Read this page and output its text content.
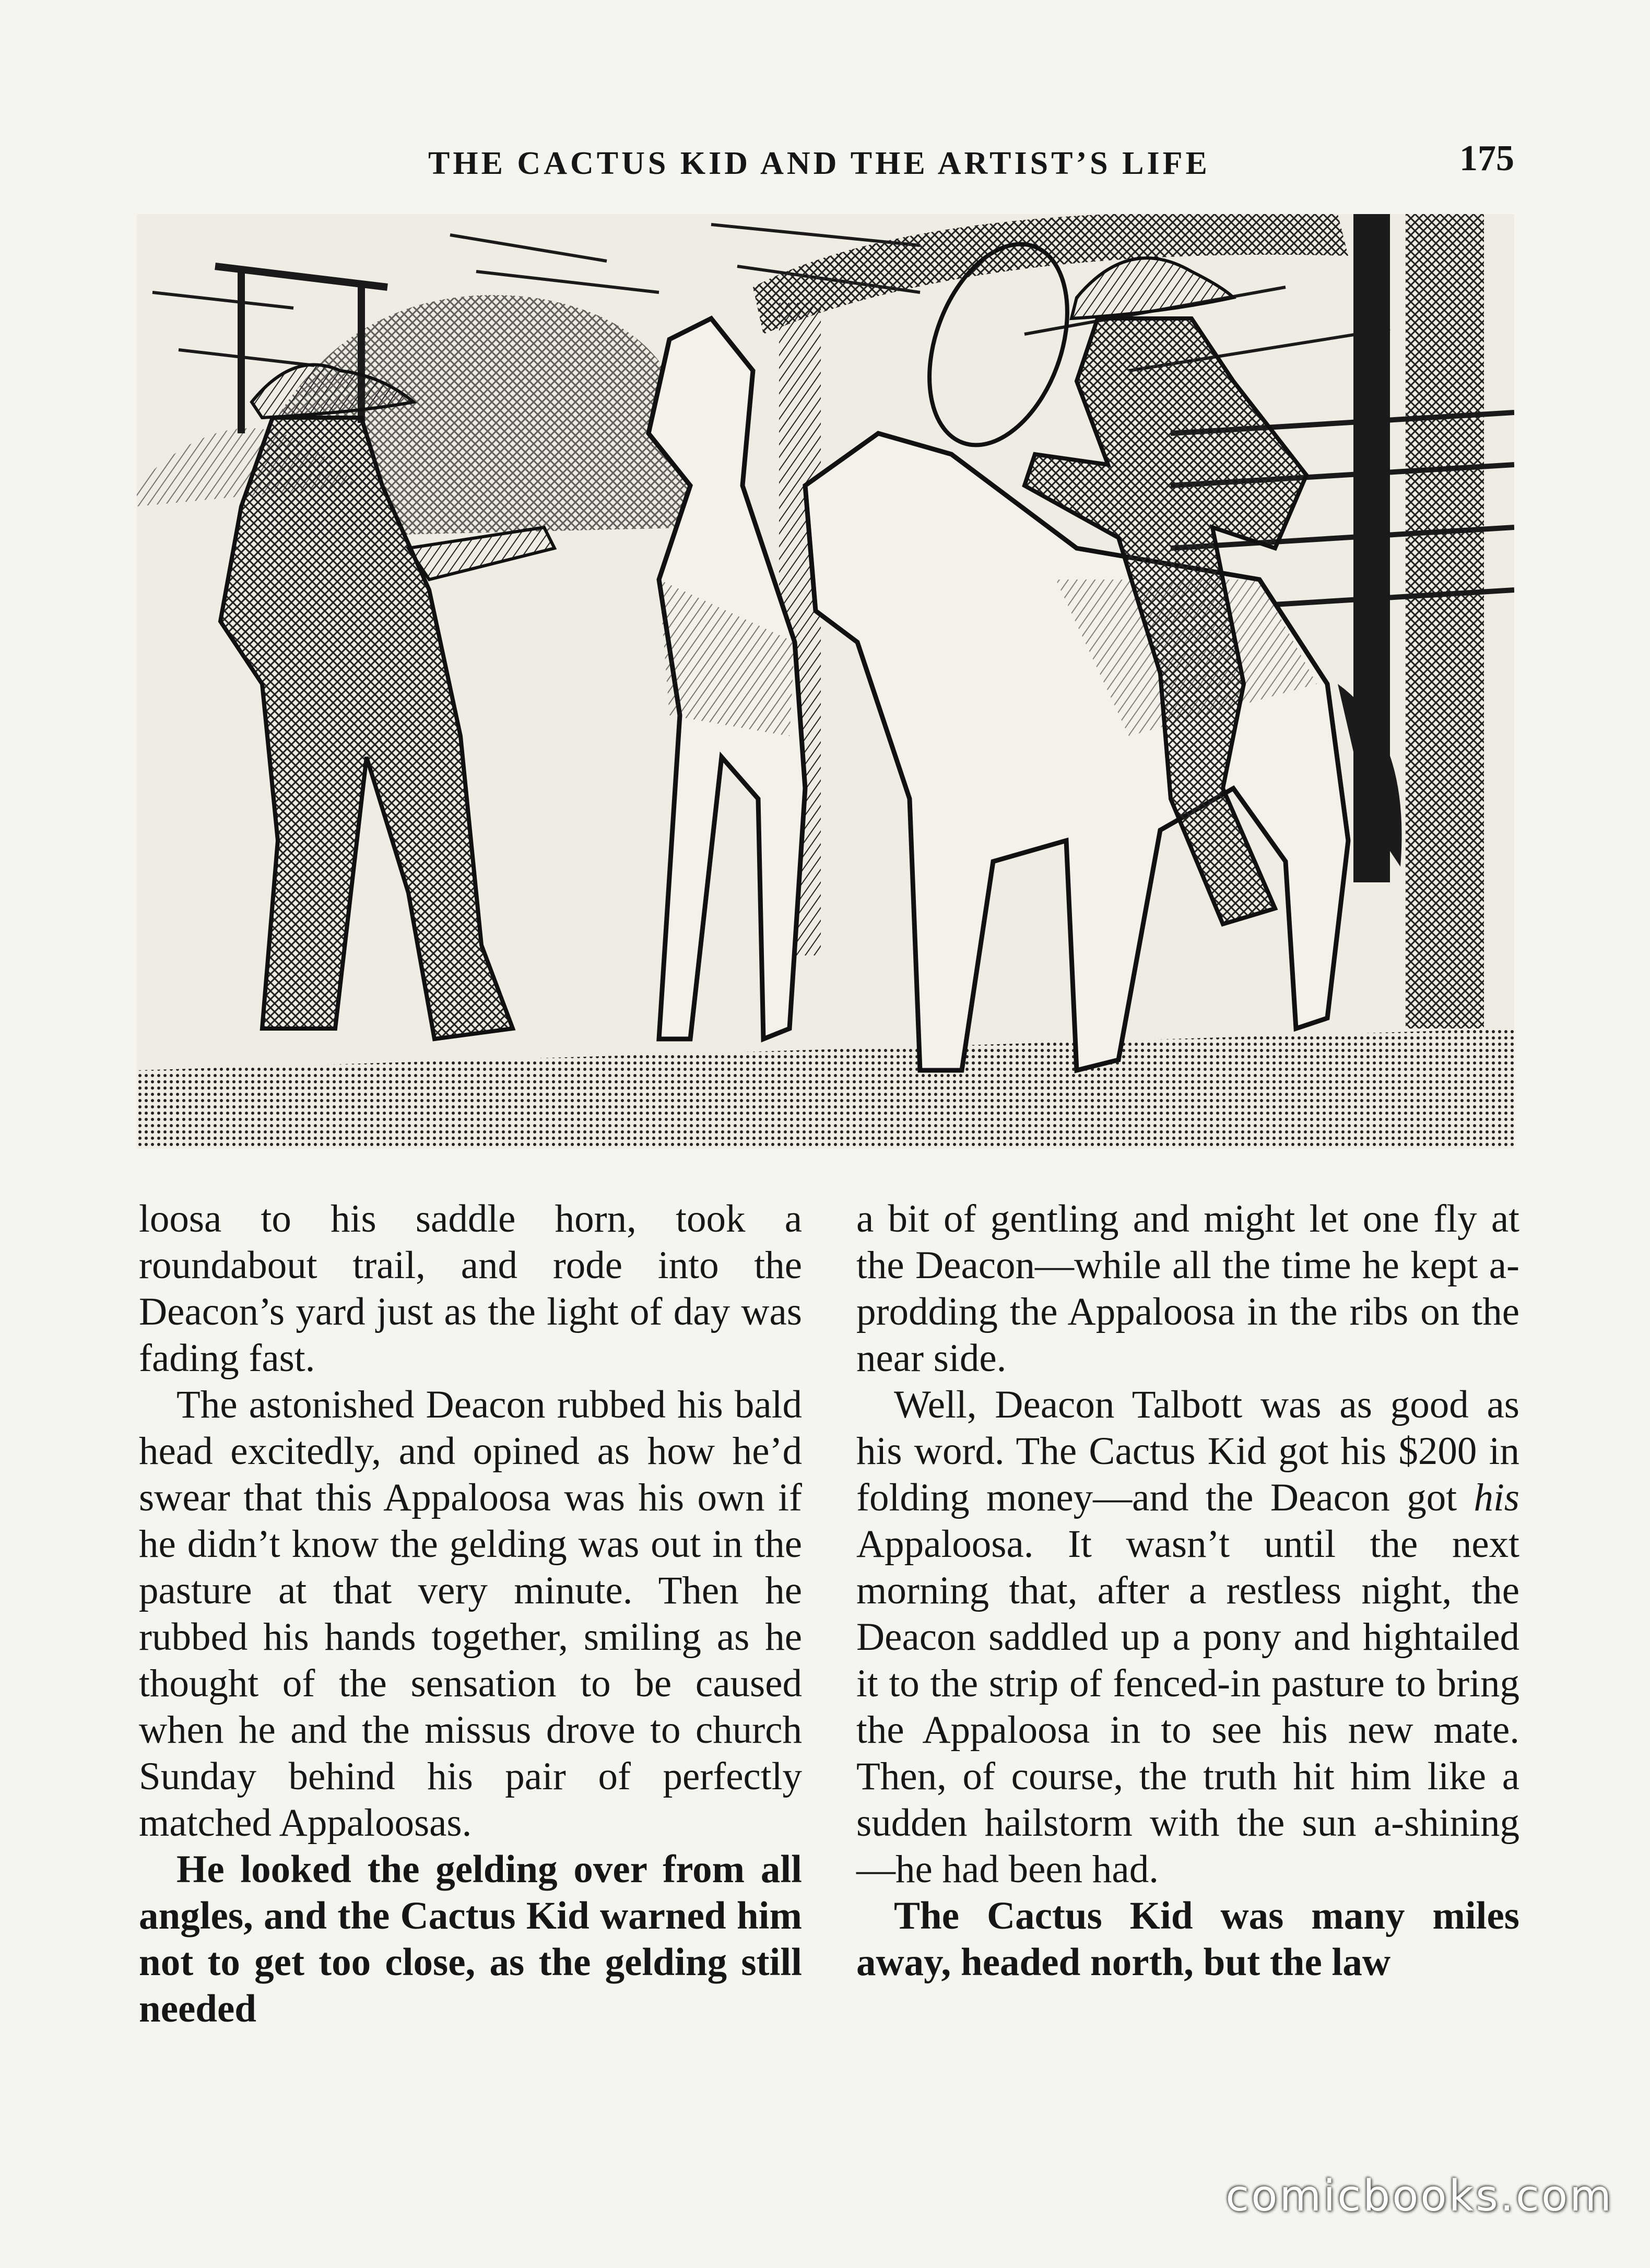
THE CACTUS KID AND THE ARTIST’S LIFE	175

loosa to his saddle horn, took a roundabout trail, and rode into the Deacon’s yard just as the light of day was fading fast.

The astonished Deacon rubbed his bald head excitedly, and opined as how he’d swear that this Appaloosa was his own if he didn’t know the gelding was out in the pasture at that very minute. Then he rubbed his hands together, smiling as he thought of the sensation to be caused when he and the missus drove to church Sunday behind his pair of perfectly matched Appaloosas.

He looked the gelding over from all angles, and the Cactus Kid warned him not to get too close, as the gelding still needed

a bit of gentling and might let one fly at the Deacon—while all the time he kept a-prodding the Appaloosa in the ribs on the near side.

Well, Deacon Talbott was as good as his word. The Cactus Kid got his $200 in folding money—and the Deacon got his Appaloosa. It wasn’t until the next morning that, after a restless night, the Deacon saddled up a pony and hightailed it to the strip of fenced-in pasture to bring the Appaloosa in to see his new mate. Then, of course, the truth hit him like a sudden hailstorm with the sun a-shining—he had been had.

The Cactus Kid was many miles away, headed north, but the law

comicbooks.com
